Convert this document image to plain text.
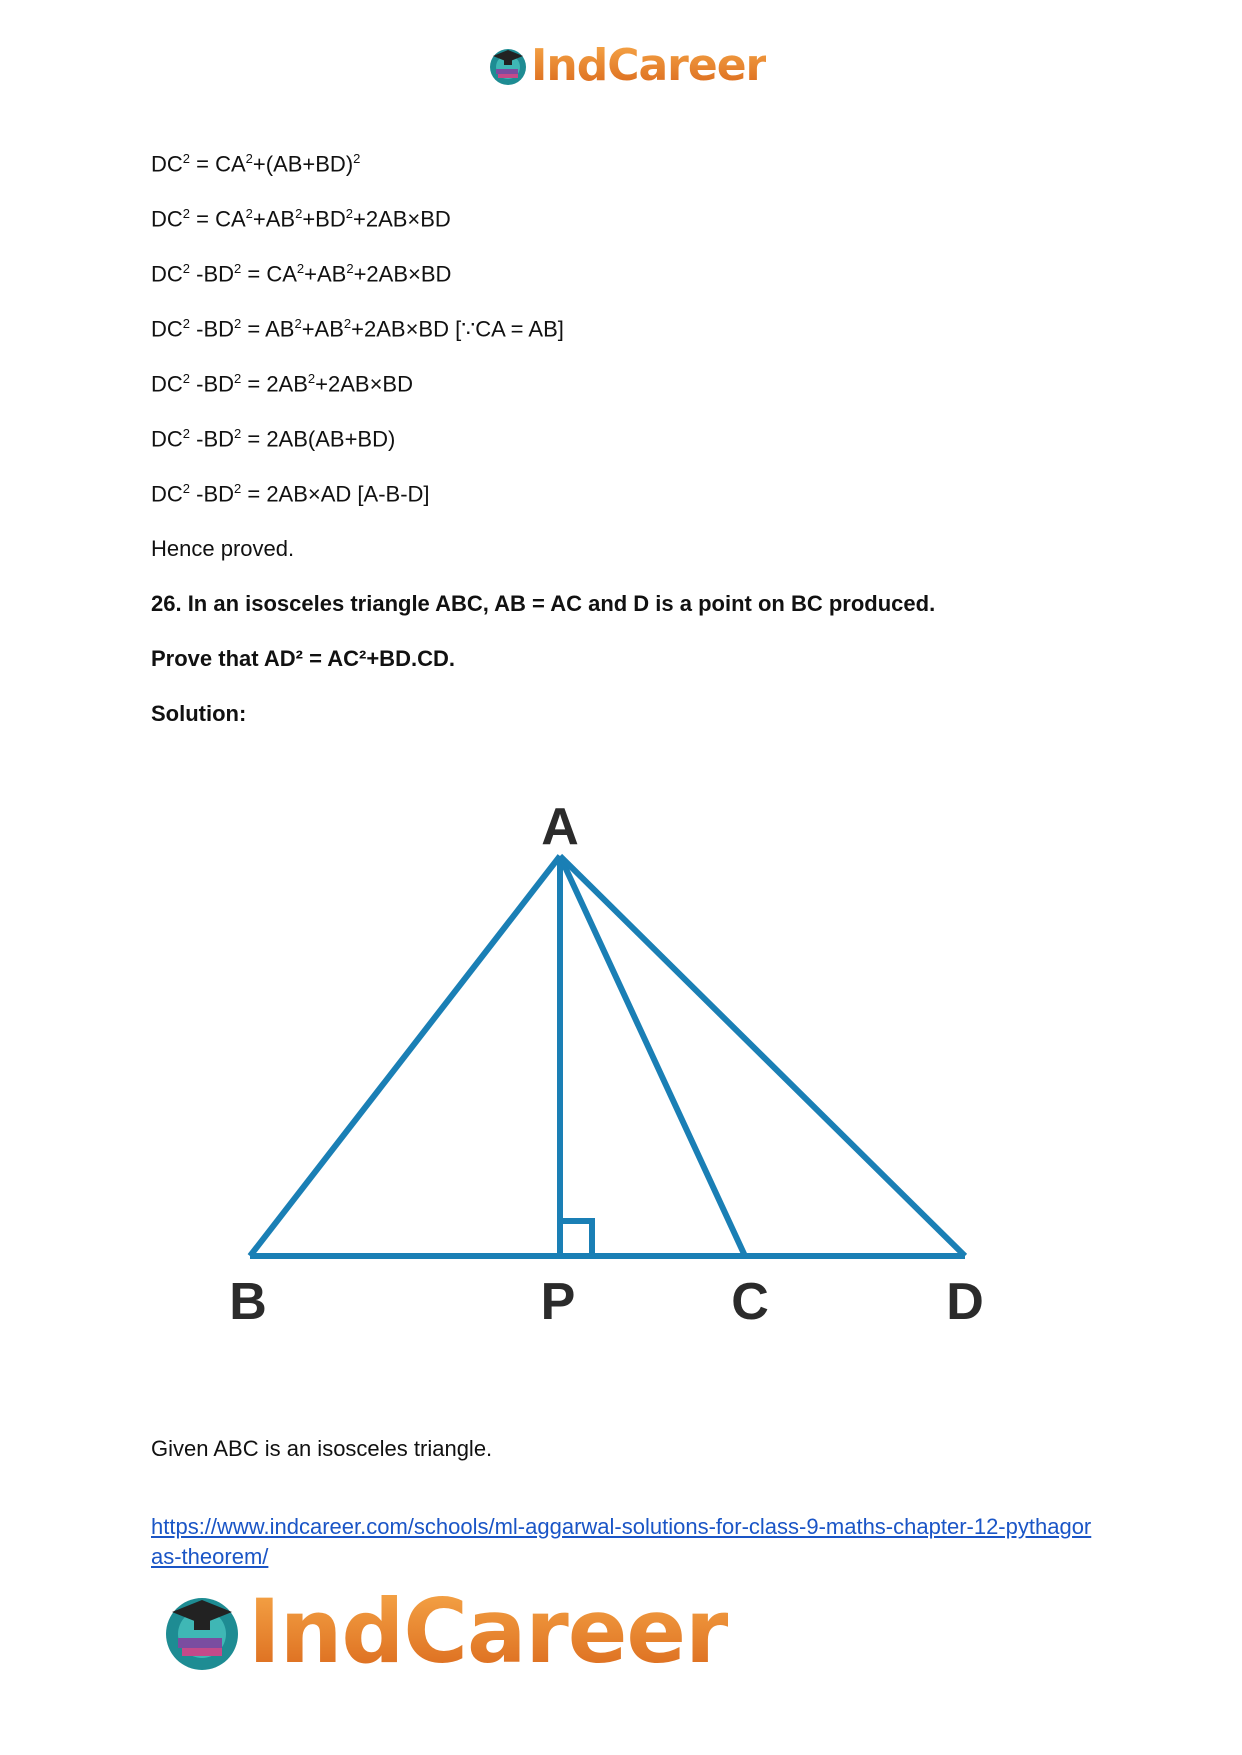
IndCareer
$DC^2 = CA^2+(AB+BD)^2$
$DC^2 = CA^2+AB^2+BD^2+2AB\times BD$
$DC^2$ $-BD^2 = CA^2+AB^2+2AB\times BD$
$DC^2$ $-BD^2 = AB^2+AB^2+2AB\times BD$ [∵CA = AB]
$DC^2$ $-BD^2 = 2AB^2+2AB\times BD$
$DC^2$ $-BD^2 = 2AB(AB+BD)$
$DC^2$ $-BD^2 = 2AB\times AD$ [A-B-D]
Hence proved.
26. In an isosceles triangle ABC, AB = AC and D is a point on BC produced.
Prove that AD² = AC²+BD.CD.
Solution:
A
B	P	C	D
Given ABC is an isosceles triangle.
https://www.indcareer.com/schools/ml-aggarwal-solutions-for-class-9-maths-chapter-12-pythagoras-theorem/
IndCareer
